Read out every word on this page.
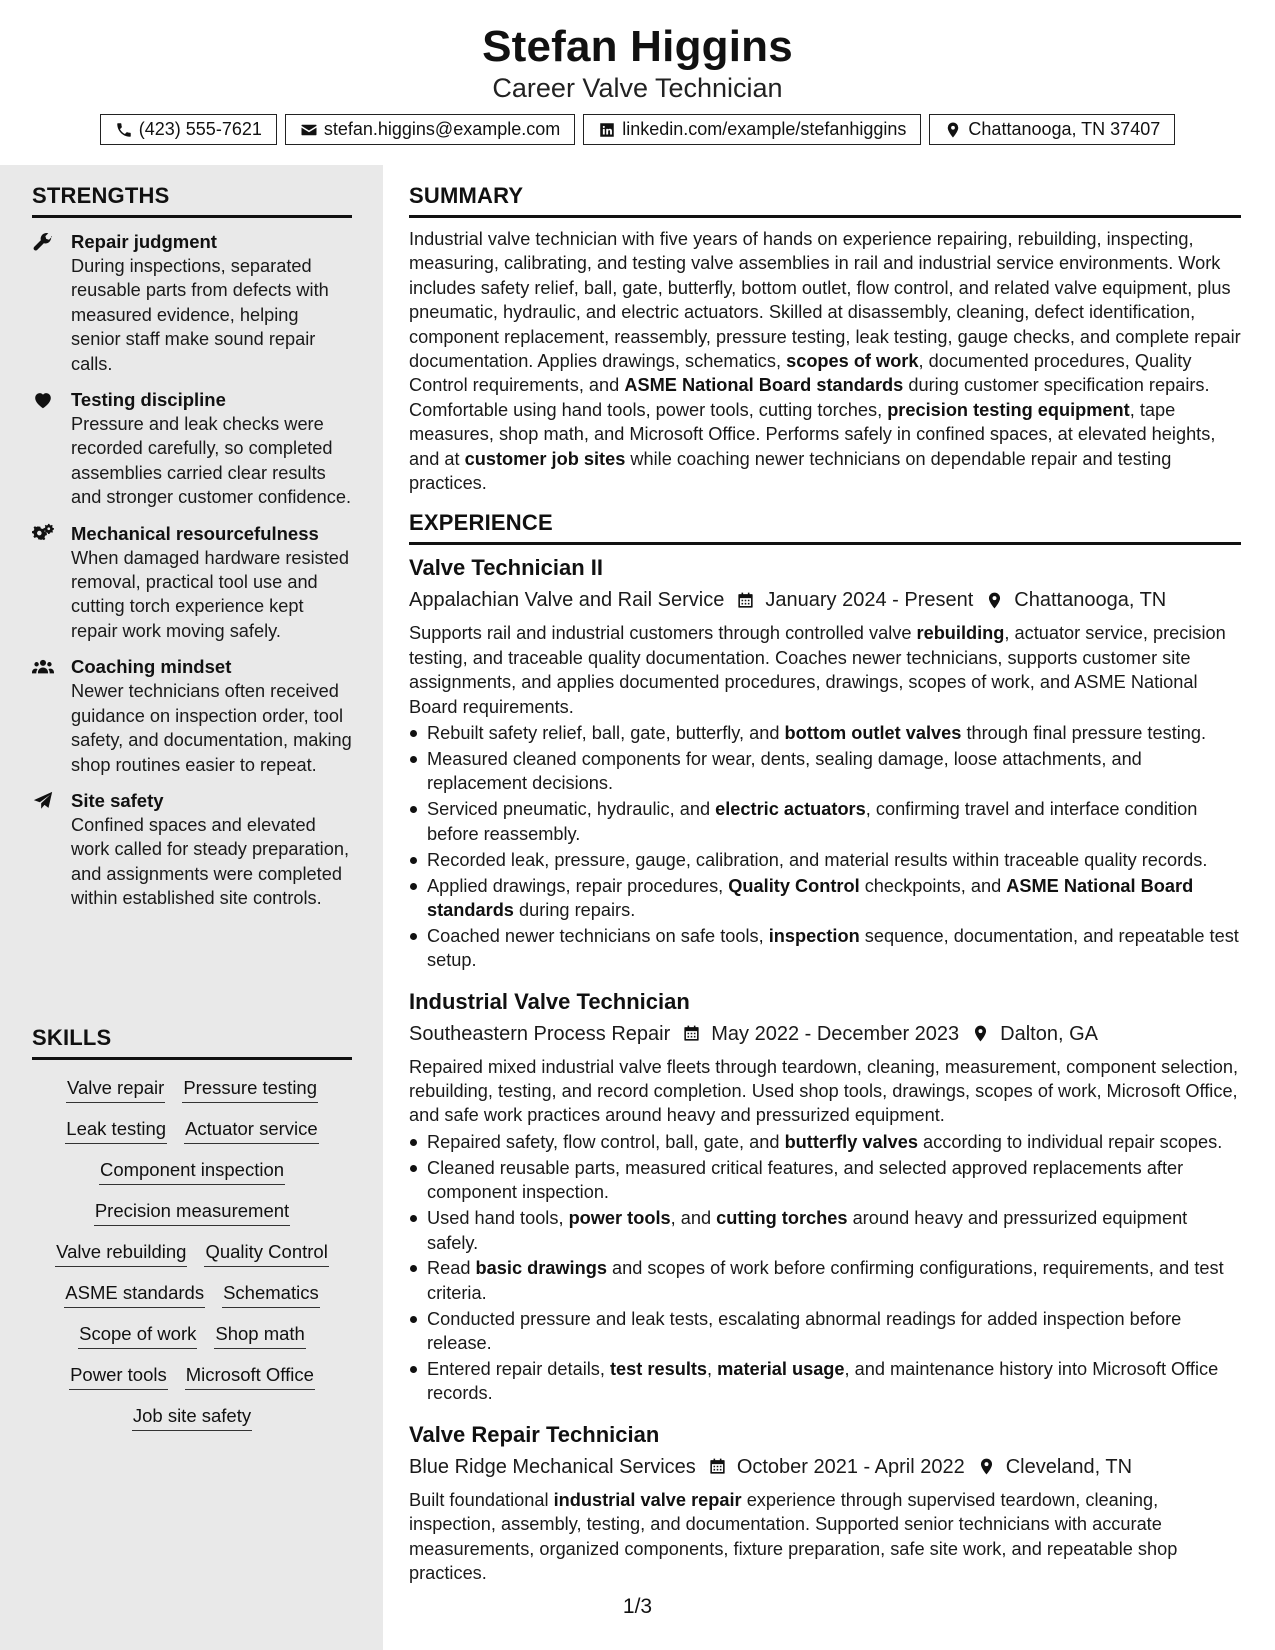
Stefan Higgins
Career Valve Technician
(423) 555-7621	stefan.higgins@example.com	linkedin.com/example/stefanhiggins	Chattanooga, TN 37407
STRENGTHS
Repair judgment
During inspections, separated reusable parts from defects with measured evidence, helping senior staff make sound repair calls.
Testing discipline
Pressure and leak checks were recorded carefully, so completed assemblies carried clear results and stronger customer confidence.
Mechanical resourcefulness
When damaged hardware resisted removal, practical tool use and cutting torch experience kept repair work moving safely.
Coaching mindset
Newer technicians often received guidance on inspection order, tool safety, and documentation, making shop routines easier to repeat.
Site safety
Confined spaces and elevated work called for steady preparation, and assignments were completed within established site controls.
SKILLS
Valve repair Pressure testing
Leak testing Actuator service
Component inspection
Precision measurement
Valve rebuilding Quality Control
ASME standards Schematics
Scope of work Shop math
Power tools Microsoft Office
Job site safety
SUMMARY

Industrial valve technician with five years of hands on experience repairing, rebuilding, inspecting, measuring, calibrating, and testing valve assemblies in rail and industrial service environments. Work includes safety relief, ball, gate, butterfly, bottom outlet, flow control, and related valve equipment, plus pneumatic, hydraulic, and electric actuators. Skilled at disassembly, cleaning, defect identification, component replacement, reassembly, pressure testing, leak testing, gauge checks, and complete repair documentation. Applies drawings, schematics, scopes of work, documented procedures, Quality Control requirements, and ASME National Board standards during customer specification repairs. Comfortable using hand tools, power tools, cutting torches, precision testing equipment, tape measures, shop math, and Microsoft Office. Performs safely in confined spaces, at elevated heights, and at customer job sites while coaching newer technicians on dependable repair and testing practices.

EXPERIENCE
Valve Technician II
Appalachian Valve and Rail Service January 2024 - Present Chattanooga, TN

Supports rail and industrial customers through controlled valve rebuilding, actuator service, precision testing, and traceable quality documentation. Coaches newer technicians, supports customer site assignments, and applies documented procedures, drawings, scopes of work, and ASME National Board requirements.

Rebuilt safety relief, ball, gate, butterfly, and bottom outlet valves through final pressure testing.
Measured cleaned components for wear, dents, sealing damage, loose attachments, and replacement decisions.
Serviced pneumatic, hydraulic, and electric actuators, confirming travel and interface condition before reassembly.
Recorded leak, pressure, gauge, calibration, and material results within traceable quality records.
Applied drawings, repair procedures, Quality Control checkpoints, and ASME National Board standards during repairs.
Coached newer technicians on safe tools, inspection sequence, documentation, and repeatable test setup.
Industrial Valve Technician
Southeastern Process Repair May 2022 - December 2023 Dalton, GA

Repaired mixed industrial valve fleets through teardown, cleaning, measurement, component selection, rebuilding, testing, and record completion. Used shop tools, drawings, scopes of work, Microsoft Office, and safe work practices around heavy and pressurized equipment.

Repaired safety, flow control, ball, gate, and butterfly valves according to individual repair scopes.
Cleaned reusable parts, measured critical features, and selected approved replacements after component inspection.
Used hand tools, power tools, and cutting torches around heavy and pressurized equipment safely.
Read basic drawings and scopes of work before confirming configurations, requirements, and test criteria.
Conducted pressure and leak tests, escalating abnormal readings for added inspection before release.
Entered repair details, test results, material usage, and maintenance history into Microsoft Office records.
Valve Repair Technician
Blue Ridge Mechanical Services October 2021 - April 2022 Cleveland, TN

Built foundational industrial valve repair experience through supervised teardown, cleaning, inspection, assembly, testing, and documentation. Supported senior technicians with accurate measurements, organized components, fixture preparation, safe site work, and repeatable shop practices.

1/3
